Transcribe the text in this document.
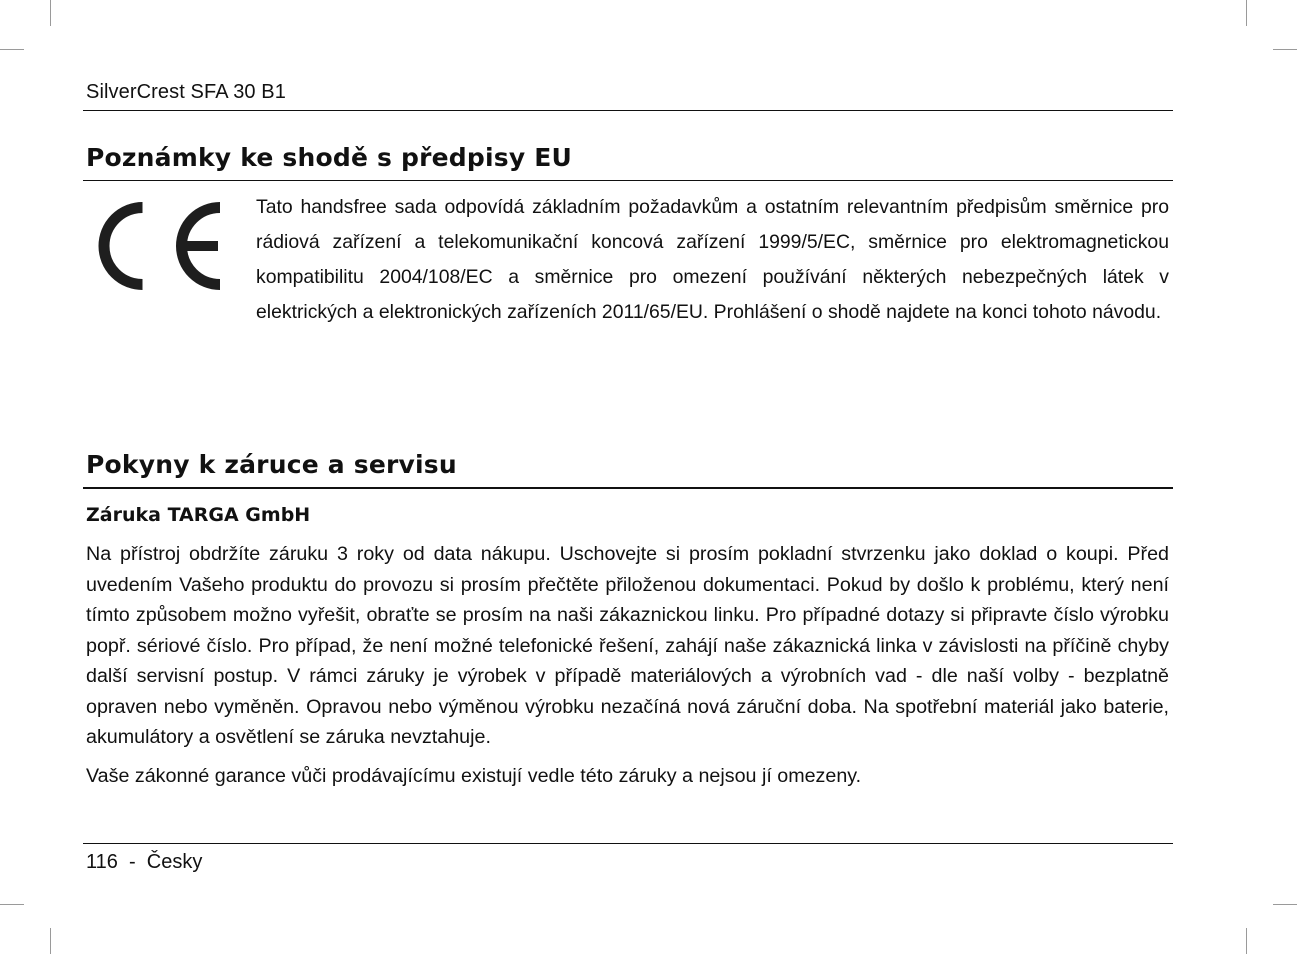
SilverCrest SFA 30 B1
Poznámky ke shodě s předpisy EU

Tato handsfree sada odpovídá základním požadavkům a ostatním relevantním předpisům směrnice pro rádiová zařízení a telekomunikační koncová zařízení 1999/5/EC, směrnice pro elektromagnetickou kompatibilitu 2004/108/EC a směrnice pro omezení používání některých nebezpečných látek v elektrických a elektronických zařízeních 2011/65/EU. Prohlášení o shodě najdete na konci tohoto návodu.

Pokyny k záruce a servisu
Záruka TARGA GmbH

Na přístroj obdržíte záruku 3 roky od data nákupu. Uschovejte si prosím pokladní stvrzenku jako doklad o koupi. Před uvedením Vašeho produktu do provozu si prosím přečtěte přiloženou dokumentaci. Pokud by došlo k problému, který není tímto způsobem možno vyřešit, obraťte se prosím na naši zákaznickou linku. Pro případné dotazy si připravte číslo výrobku popř. sériové číslo. Pro případ, že není možné telefonické řešení, zahájí naše zákaznická linka v závislosti na příčině chyby další servisní postup. V rámci záruky je výrobek v případě materiálových a výrobních vad - dle naší volby - bezplatně opraven nebo vyměněn. Opravou nebo výměnou výrobku nezačíná nová záruční doba. Na spotřební materiál jako baterie, akumulátory a osvětlení se záruka nevztahuje.

Vaše zákonné garance vůči prodávajícímu existují vedle této záruky a nejsou jí omezeny.

116  -  Česky
